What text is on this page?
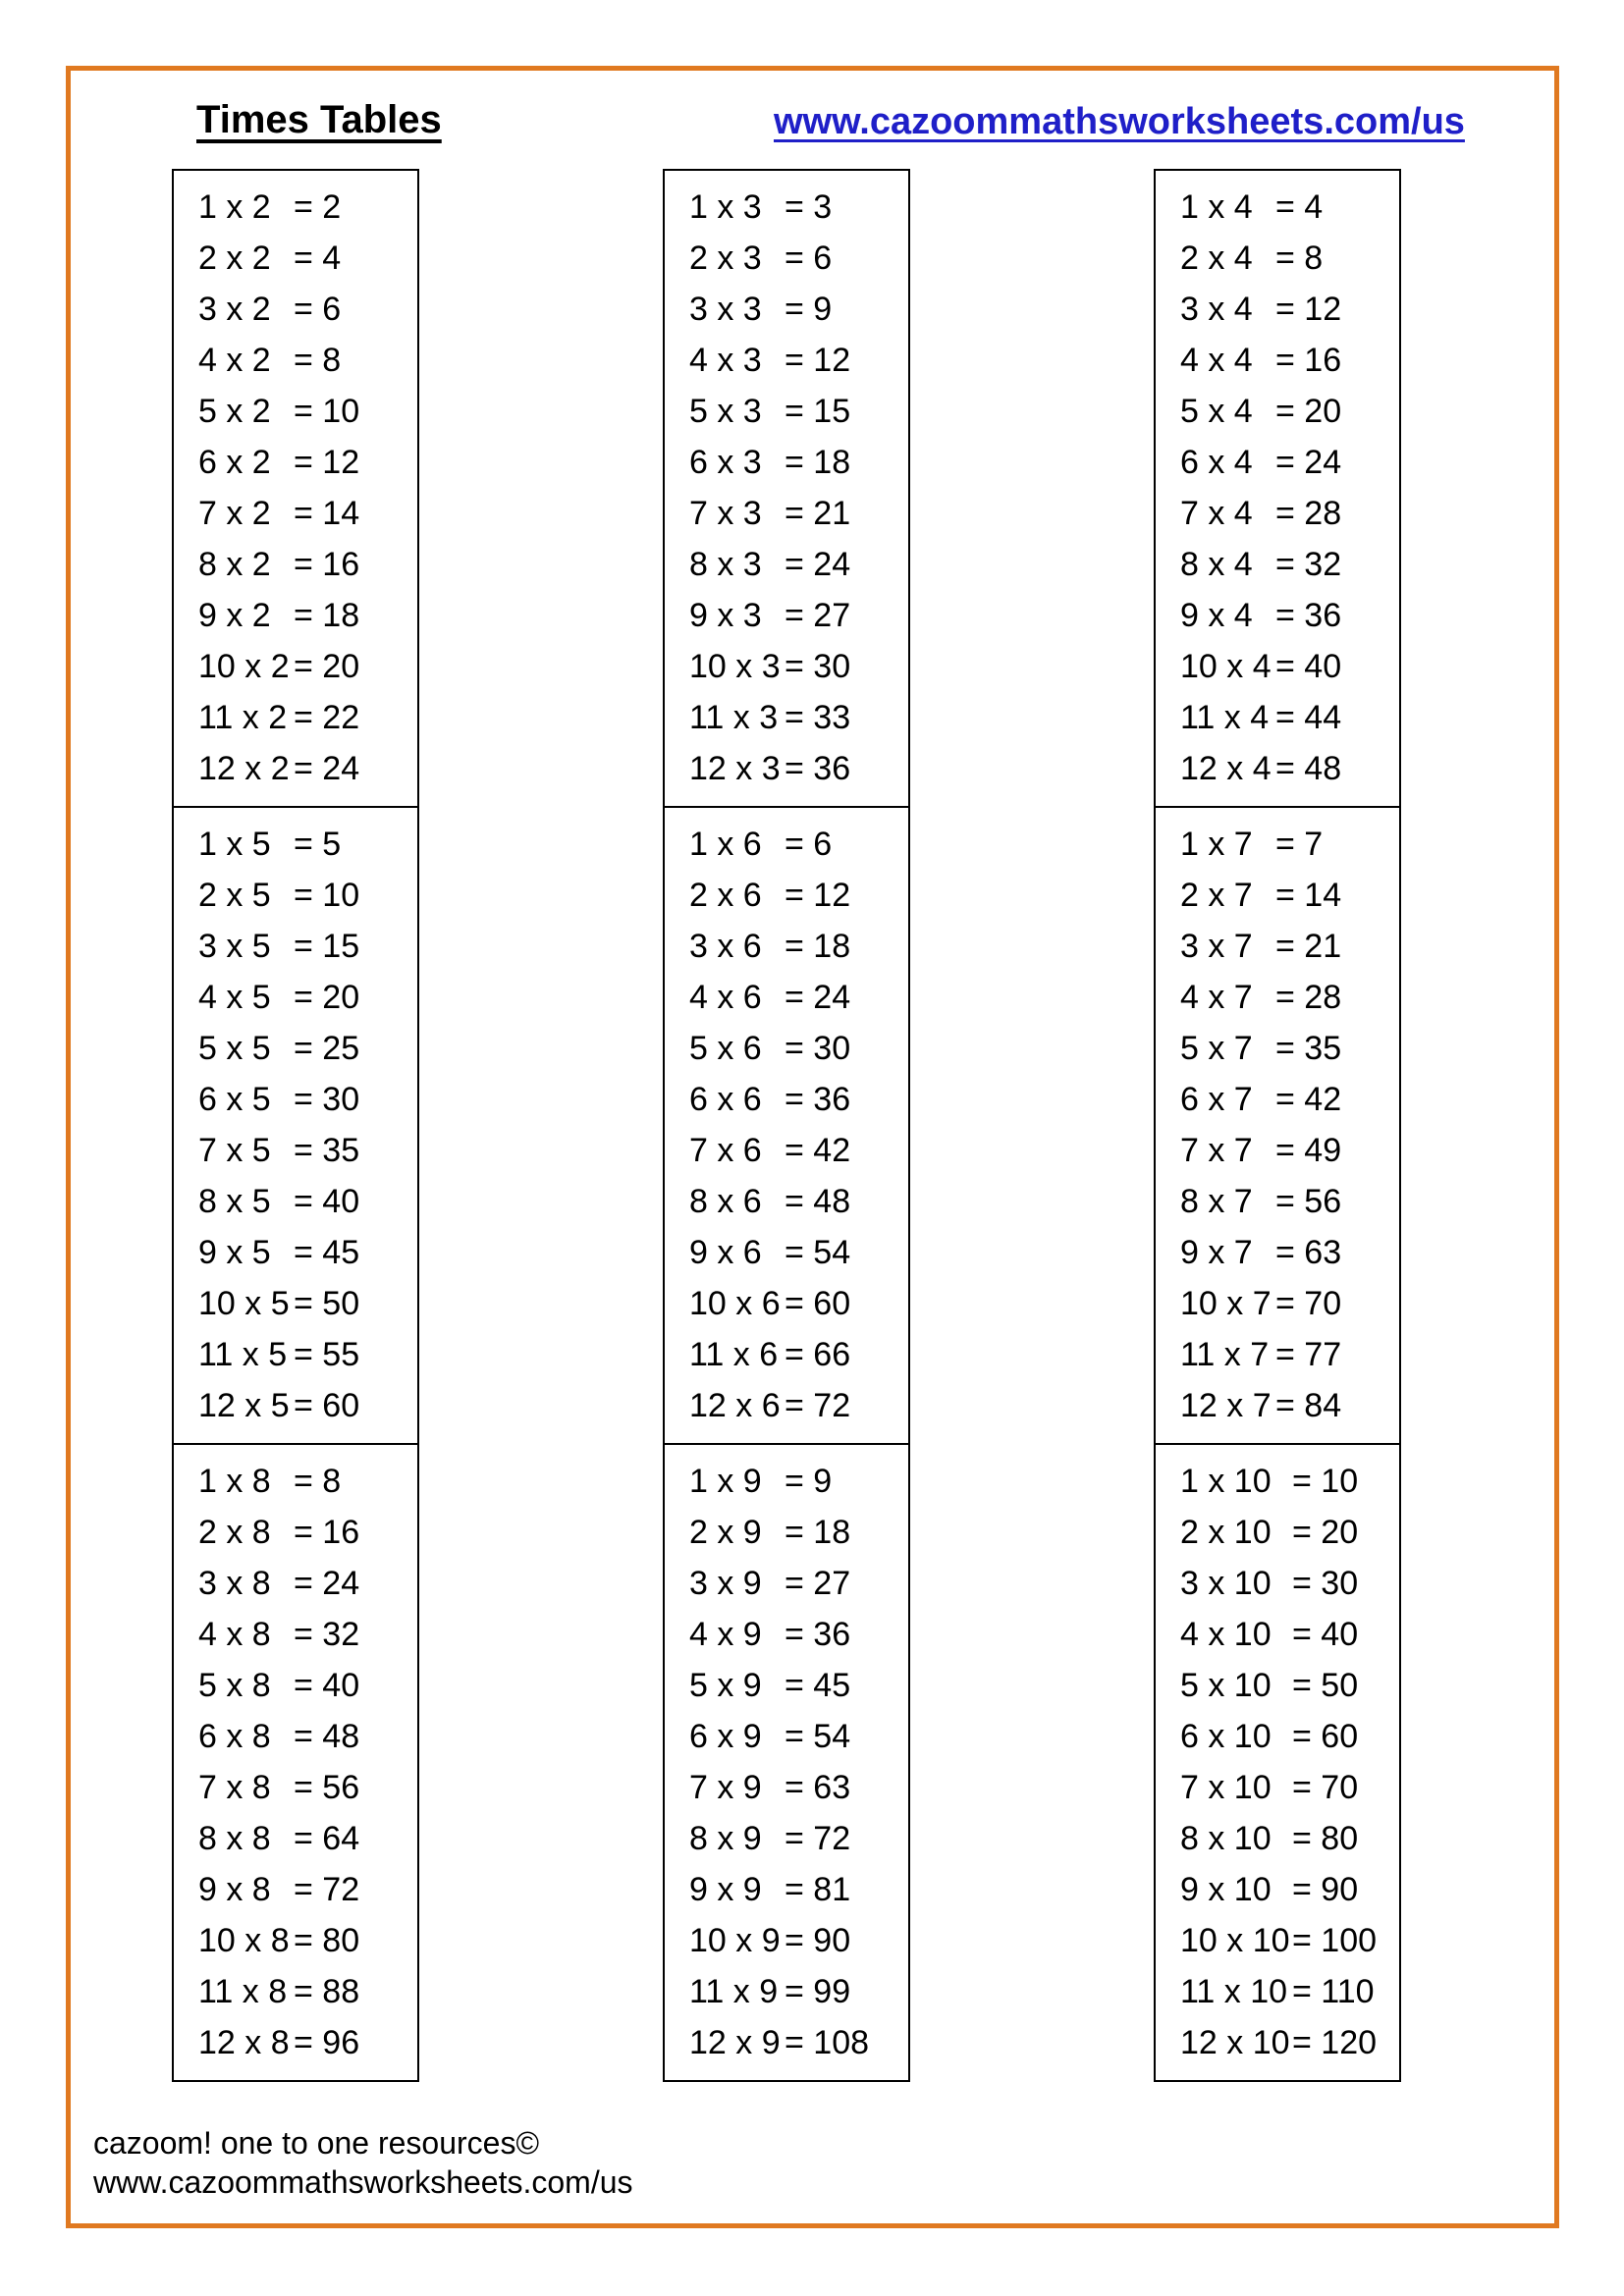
Times Tables	www.cazoommathsworksheets.com/us
1 x 2 = 2
2 x 2 = 4
3 x 2 = 6
4 x 2 = 8
5 x 2 = 10
6 x 2 = 12
7 x 2 = 14
8 x 2 = 16
9 x 2 = 18
10 x 2 = 20
11 x 2 = 22
12 x 2 = 24
1 x 5 = 5
2 x 5 = 10
3 x 5 = 15
4 x 5 = 20
5 x 5 = 25
6 x 5 = 30
7 x 5 = 35
8 x 5 = 40
9 x 5 = 45
10 x 5 = 50
11 x 5 = 55
12 x 5 = 60
1 x 8 = 8
2 x 8 = 16
3 x 8 = 24
4 x 8 = 32
5 x 8 = 40
6 x 8 = 48
7 x 8 = 56
8 x 8 = 64
9 x 8 = 72
10 x 8 = 80
11 x 8 = 88
12 x 8 = 96
1 x 3 = 3
2 x 3 = 6
3 x 3 = 9
4 x 3 = 12
5 x 3 = 15
6 x 3 = 18
7 x 3 = 21
8 x 3 = 24
9 x 3 = 27
10 x 3 = 30
11 x 3 = 33
12 x 3 = 36
1 x 6 = 6
2 x 6 = 12
3 x 6 = 18
4 x 6 = 24
5 x 6 = 30
6 x 6 = 36
7 x 6 = 42
8 x 6 = 48
9 x 6 = 54
10 x 6 = 60
11 x 6 = 66
12 x 6 = 72
1 x 9 = 9
2 x 9 = 18
3 x 9 = 27
4 x 9 = 36
5 x 9 = 45
6 x 9 = 54
7 x 9 = 63
8 x 9 = 72
9 x 9 = 81
10 x 9 = 90
11 x 9 = 99
12 x 9 = 108
1 x 4 = 4
2 x 4 = 8
3 x 4 = 12
4 x 4 = 16
5 x 4 = 20
6 x 4 = 24
7 x 4 = 28
8 x 4 = 32
9 x 4 = 36
10 x 4 = 40
11 x 4 = 44
12 x 4 = 48
1 x 7 = 7
2 x 7 = 14
3 x 7 = 21
4 x 7 = 28
5 x 7 = 35
6 x 7 = 42
7 x 7 = 49
8 x 7 = 56
9 x 7 = 63
10 x 7 = 70
11 x 7 = 77
12 x 7 = 84
1 x 10 = 10
2 x 10 = 20
3 x 10 = 30
4 x 10 = 40
5 x 10 = 50
6 x 10 = 60
7 x 10 = 70
8 x 10 = 80
9 x 10 = 90
10 x 10 = 100
11 x 10 = 110
12 x 10 = 120
cazoom! one to one resources©
www.cazoommathsworksheets.com/us
